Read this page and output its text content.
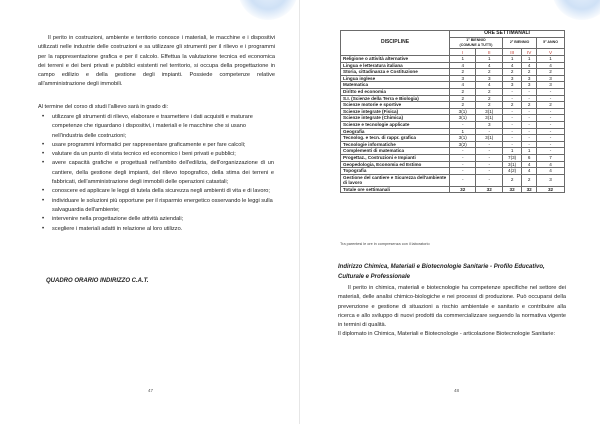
Il perito in costruzioni, ambiente e territorio conosce i materiali, le macchine e i dispositivi utilizzati nelle industrie delle costruzioni e sa utilizzare gli strumenti per il rilievo e i programmi per la rappresentazione grafica e per il calcolo. Effettua la valutazione tecnica ed economica dei terreni e dei beni privati e pubblici esistenti nel territorio, si occupa della progettazione in campo edilizio e della gestione degli impianti. Possiede competenze relative all'amministrazione degli immobili.
Al termine del corso di studi l'allievo sarà in grado di:
• utilizzare gli strumenti di rilievo, elaborare e trasmettere i dati acquisiti e maturare competenze che riguardano i dispositivi, i materiali e le macchine che si usano nell'industria delle costruzioni;
• usare programmi informatici per rappresentare graficamente e per fare calcoli;
• valutare da un punto di vista tecnico ed economico i beni privati e pubblici;
• avere capacità grafiche e progettuali nell'ambito dell'edilizia, dell'organizzazione di un cantiere, della gestione degli impianti, del rilievo topografico, della stima dei terreni e fabbricati, dell'amministrazione degli immobili delle operazioni catastali;
• conoscere ed applicare le leggi di tutela della sicurezza negli ambienti di vita e di lavoro;
• individuare le soluzioni più opportune per il risparmio energetico osservando le leggi sulla salvaguardia dell'ambiente;
• intervenire nella progettazione delle attività aziendali;
• scegliere i materiali adatti in relazione al loro utilizzo.
QUADRO ORARIO INDIRIZZO C.A.T.
47	48
DISCIPLINE	ORE SETTIMANALI				

	1° BIENNIO
(COMUNE A TUTTI)		2° BIENNIO		5° ANNO
	I	II	III	IV	V
Religione o attività alternative	1	1	1	1	1
Lingua e letteratura italiana	4	4	4	4	4
Storia, cittadinanza e Costituzione	2	2	2	2	2
Lingua inglese	3	3	3	3	3
Matematica	4	4	3	3	3
Diritto ed economia	2	2	-	-	-
S.I. (Scienze della Terra e Biologia)	2	2	-	-	-
Scienze motorie e sportive	2	2	2	2	2
Scienze integrate (Fisica)	3(1)	3(1)	-	-	-
Scienze integrate (Chimica)	3(1)	3(1)	-	-	-
Scienze e tecnologie applicate	-	3	-	-	-
Geografia	1	-	-	-	-
Tecnolog. e tecn. di rappr. grafica	3(1)	3(1)	-	-	-
Tecnologie informatiche	3(2)	-	-	-	-
Complementi di matematica	-	-	1	1	-
Progettaz., Costruzioni e Impianti	-	-	7(3)	6	7
Geopedologia, Economia ed Estimo	-	-	3(1)	4	4
Topografia	-	-	4(2)	4	4
Gestione del cantiere e Sicurezza dell'ambiente di lavoro	-	-	2	2	3
Totale ore settimanali	32	32	32	32	32
Tra parentesi le ore in compresenza con il laboratorio
Indirizzo Chimica, Materiali e Biotecnologie Sanitarie - Profilo Educativo, Culturale e Professionale
Il perito in chimica, materiali e biotecnologie ha competenze specifiche nel settore dei materiali, delle analisi chimico-biologiche e nei processi di produzione. Può occuparsi della prevenzione e gestione di situazioni a rischio ambientale e sanitario e contribuire alla ricerca e allo sviluppo di nuovi prodotti da commercializzare seguendo la normativa vigente in termini di qualità.
Il diplomato in Chimica, Materiali e Biotecnologie - articolazione Biotecnologie Sanitarie:
